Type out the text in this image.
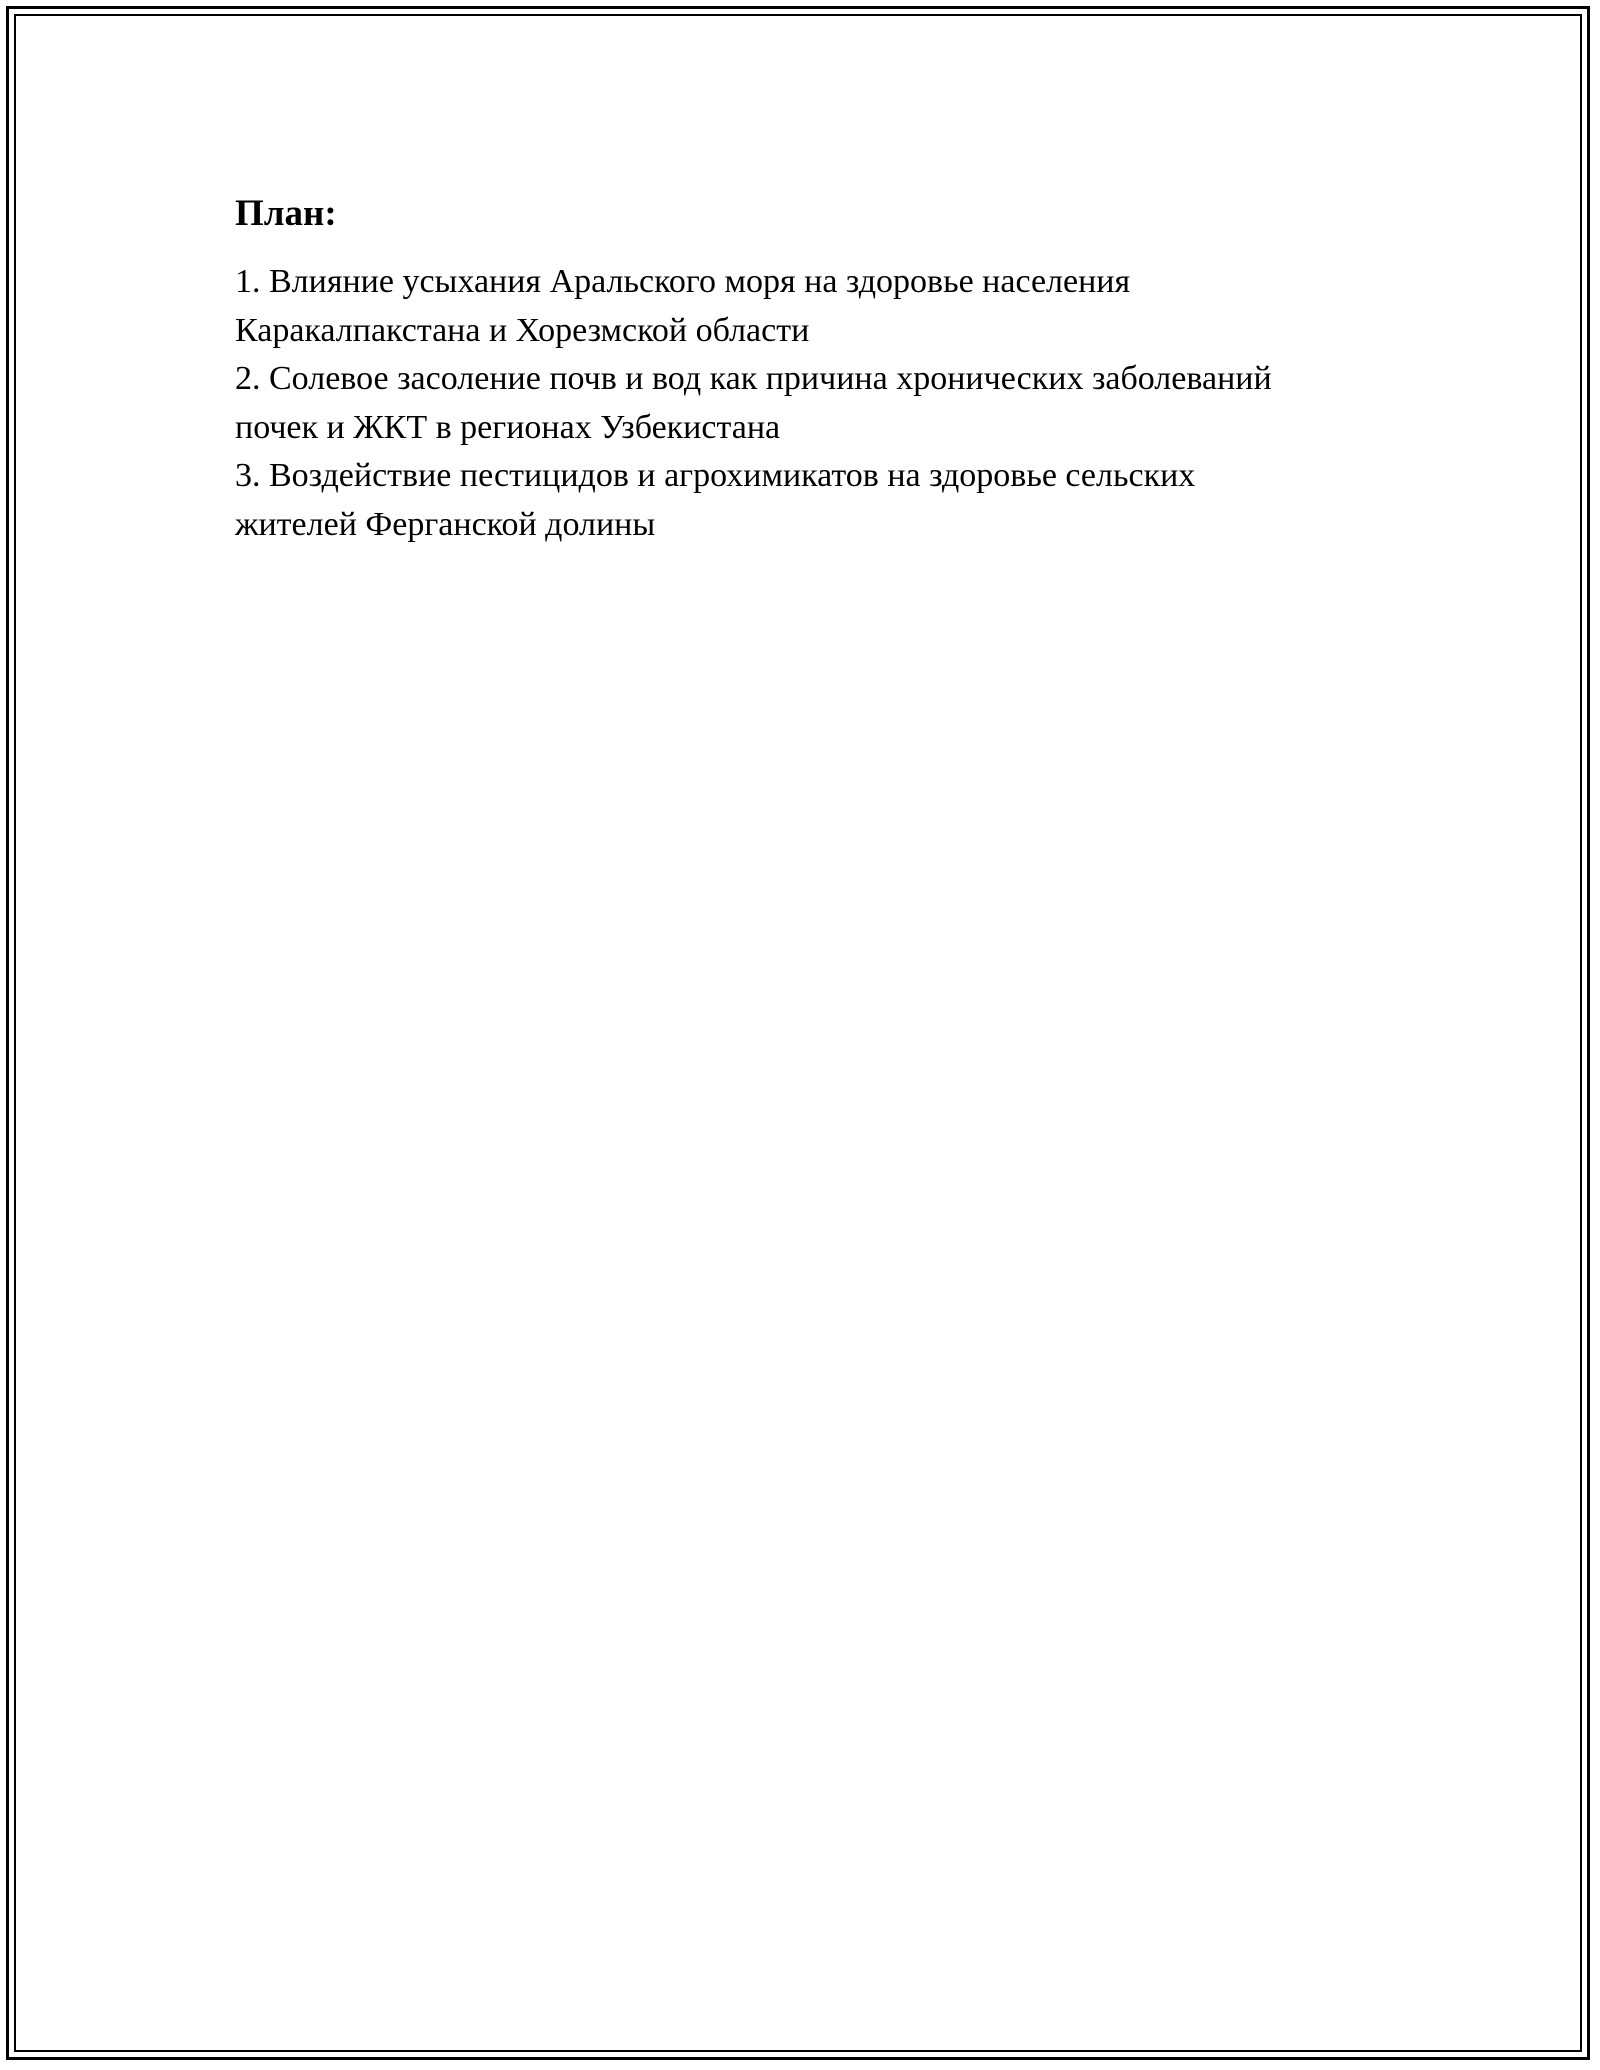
План:
1. Влияние усыхания Аральского моря на здоровье населения
Каракалпакстана и Хорезмской области
2. Солевое засоление почв и вод как причина хронических заболеваний
почек и ЖКТ в регионах Узбекистана
3. Воздействие пестицидов и агрохимикатов на здоровье сельских
жителей Ферганской долины
